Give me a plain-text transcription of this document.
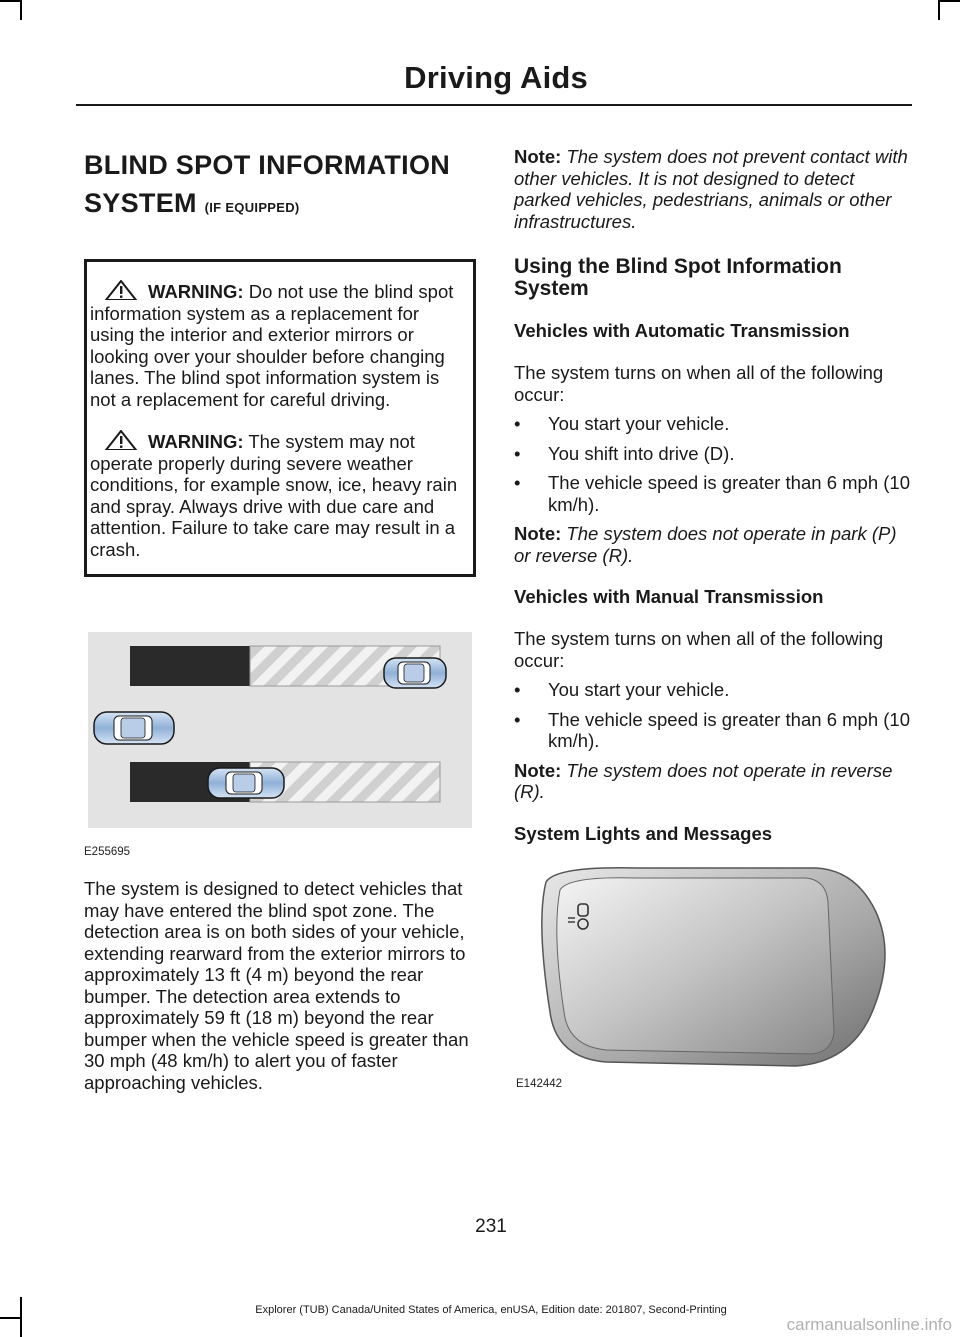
Driving Aids
BLIND SPOT INFORMATION SYSTEM (IF EQUIPPED)

WARNING: Do not use the blind spot information system as a replacement for using the interior and exterior mirrors or looking over your shoulder before changing lanes. The blind spot information system is not a replacement for careful driving.

WARNING: The system may not operate properly during severe weather conditions, for example snow, ice, heavy rain and spray. Always drive with due care and attention. Failure to take care may result in a crash.

E255695

The system is designed to detect vehicles that may have entered the blind spot zone. The detection area is on both sides of your vehicle, extending rearward from the exterior mirrors to approximately 13 ft (4 m) beyond the rear bumper. The detection area extends to approximately 59 ft (18 m) beyond the rear bumper when the vehicle speed is greater than 30 mph (48 km/h) to alert you of faster approaching vehicles.

Note: The system does not prevent contact with other vehicles. It is not designed to detect parked vehicles, pedestrians, animals or other infrastructures.

Using the Blind Spot Information System
Vehicles with Automatic Transmission

The system turns on when all of the following occur:

• You start your vehicle.
• You shift into drive (D).
• The vehicle speed is greater than 6 mph (10 km/h).

Note: The system does not operate in park (P) or reverse (R).

Vehicles with Manual Transmission

The system turns on when all of the following occur:

• You start your vehicle.
• The vehicle speed is greater than 6 mph (10 km/h).

Note: The system does not operate in reverse (R).

System Lights and Messages
E142442
231
Explorer (TUB) Canada/United States of America, enUSA, Edition date: 201807, Second-Printing
carmanualsonline.info
